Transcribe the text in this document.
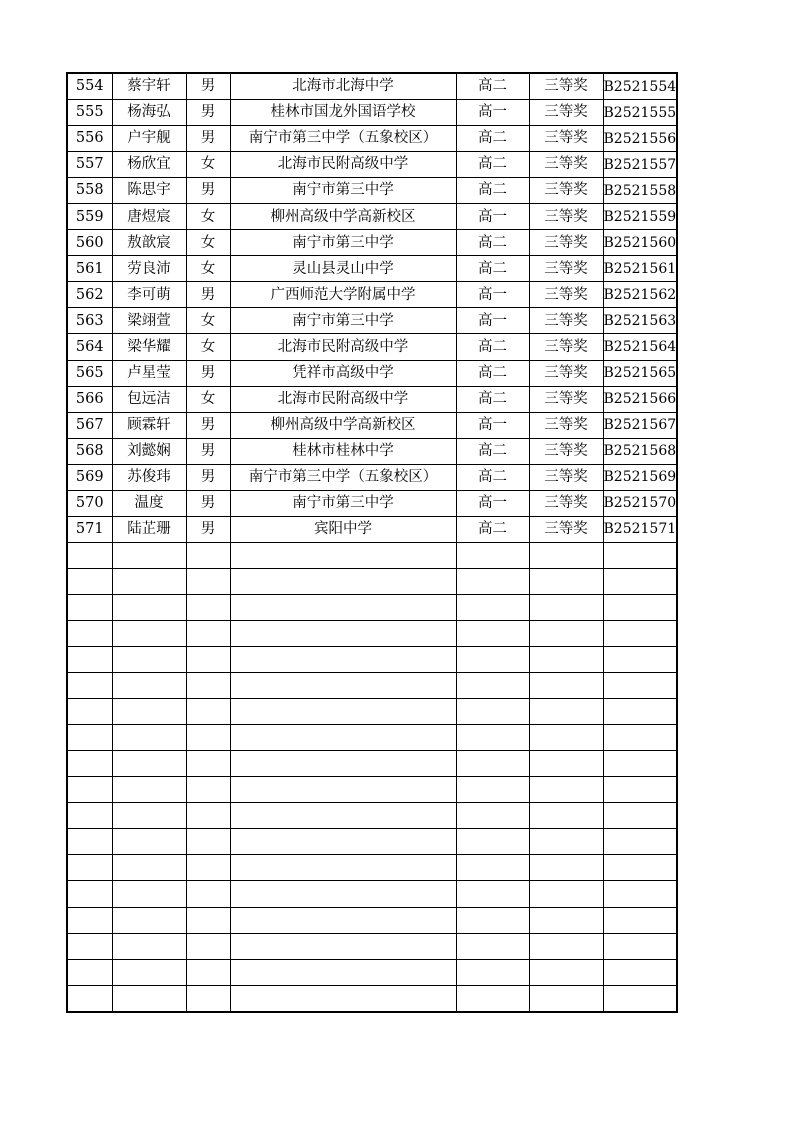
554	蔡宇轩	男	北海市北海中学	高二	三等奖	B2521554
555	杨海弘	男	桂林市国龙外国语学校	高一	三等奖	B2521555
556	户宇舰	男	南宁市第三中学（五象校区）	高二	三等奖	B2521556
557	杨欣宜	女	北海市民附高级中学	高二	三等奖	B2521557
558	陈思宇	男	南宁市第三中学	高二	三等奖	B2521558
559	唐煜宸	女	柳州高级中学高新校区	高一	三等奖	B2521559
560	敖歆宸	女	南宁市第三中学	高二	三等奖	B2521560
561	劳良沛	女	灵山县灵山中学	高二	三等奖	B2521561
562	李可萌	男	广西师范大学附属中学	高一	三等奖	B2521562
563	梁翊萱	女	南宁市第三中学	高一	三等奖	B2521563
564	梁华耀	女	北海市民附高级中学	高二	三等奖	B2521564
565	卢星莹	男	凭祥市高级中学	高二	三等奖	B2521565
566	包远洁	女	北海市民附高级中学	高二	三等奖	B2521566
567	顾霖轩	男	柳州高级中学高新校区	高一	三等奖	B2521567
568	刘懿娴	男	桂林市桂林中学	高二	三等奖	B2521568
569	苏俊玮	男	南宁市第三中学（五象校区）	高二	三等奖	B2521569
570	温度	男	南宁市第三中学	高一	三等奖	B2521570
571	陆芷珊	男	宾阳中学	高二	三等奖	B2521571
